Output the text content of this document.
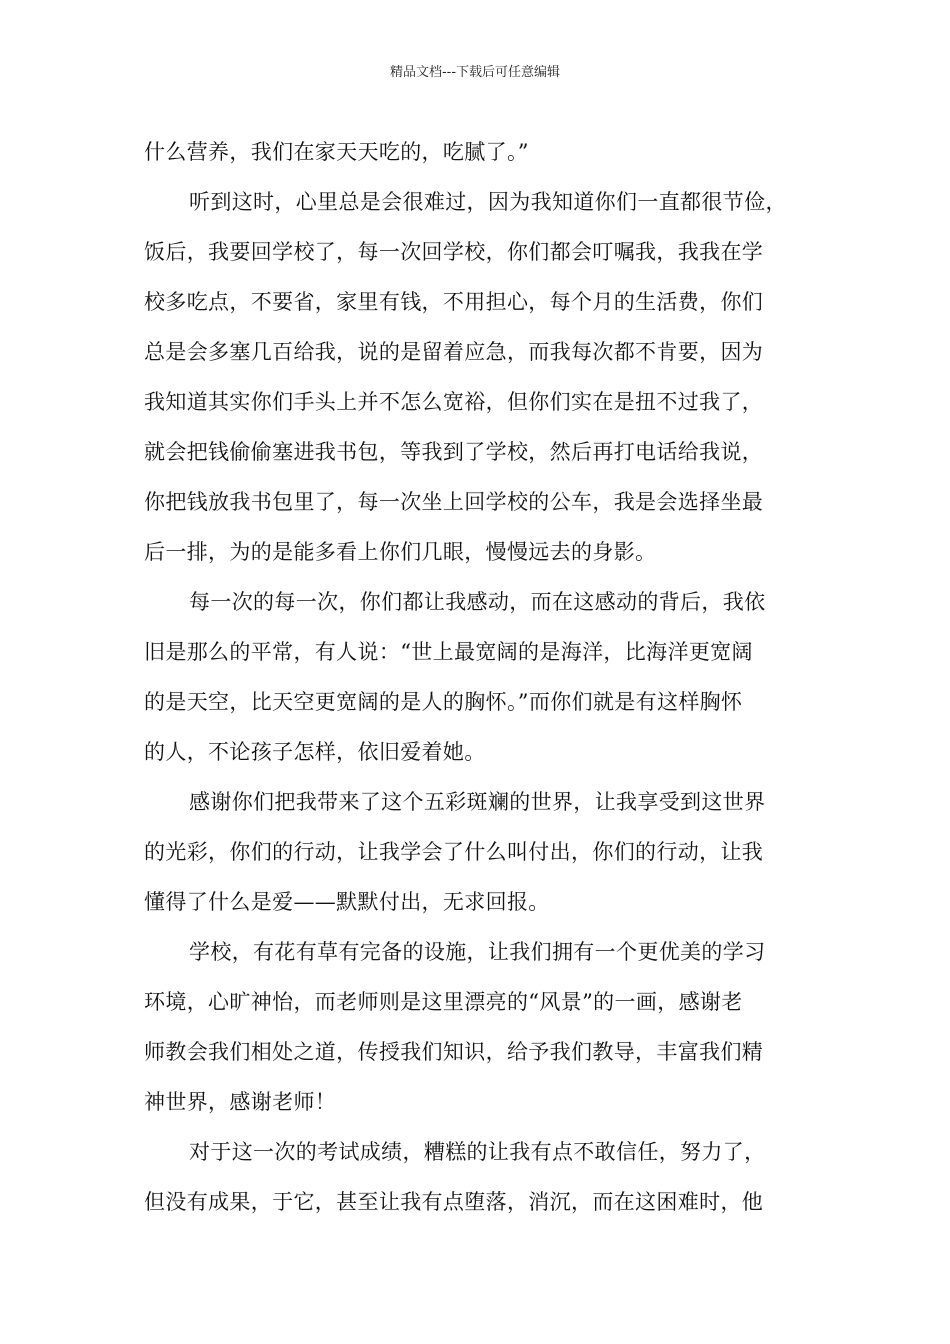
精品文档---下载后可任意编辑
什么营养，我们在家天天吃的，吃腻了。”
听到这时，心里总是会很难过，因为我知道你们一直都很节俭，
饭后，我要回学校了，每一次回学校，你们都会叮嘱我，我我在学
校多吃点，不要省，家里有钱，不用担心，每个月的生活费，你们
总是会多塞几百给我，说的是留着应急，而我每次都不肯要，因为
我知道其实你们手头上并不怎么宽裕，但你们实在是扭不过我了，
就会把钱偷偷塞进我书包，等我到了学校，然后再打电话给我说，
你把钱放我书包里了，每一次坐上回学校的公车，我是会选择坐最
后一排，为的是能多看上你们几眼，慢慢远去的身影。
每一次的每一次，你们都让我感动，而在这感动的背后，我依
旧是那么的平常，有人说：“世上最宽阔的是海洋，比海洋更宽阔
的是天空，比天空更宽阔的是人的胸怀。”而你们就是有这样胸怀
的人，不论孩子怎样，依旧爱着她。
感谢你们把我带来了这个五彩斑斓的世界，让我享受到这世界
的光彩，你们的行动，让我学会了什么叫付出，你们的行动，让我
懂得了什么是爱——默默付出，无求回报。
学校，有花有草有完备的设施，让我们拥有一个更优美的学习
环境，心旷神怡，而老师则是这里漂亮的“风景”的一画，感谢老
师教会我们相处之道，传授我们知识，给予我们教导，丰富我们精
神世界，感谢老师！
对于这一次的考试成绩，糟糕的让我有点不敢信任，努力了，
但没有成果，于它，甚至让我有点堕落，消沉，而在这困难时，他
